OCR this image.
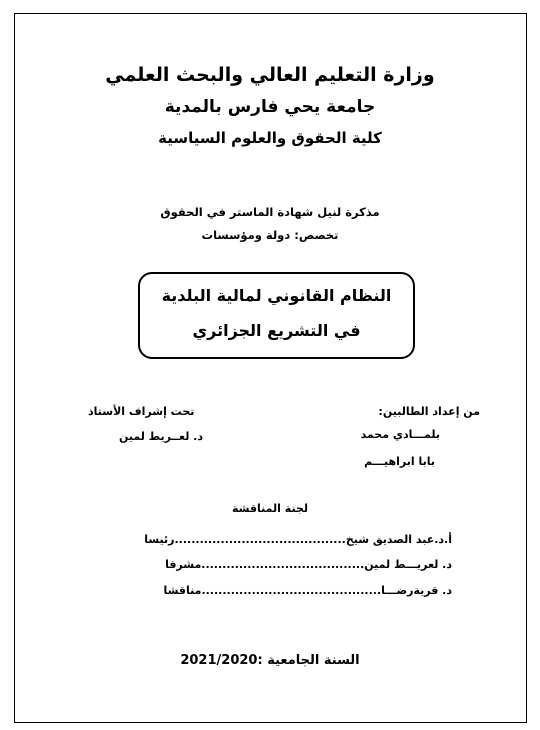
وزارة التعليم العالي والبحث العلمي
جامعة يحي فارس بالمدية
كلية الحقوق والعلوم السياسية
مذكرة لنيل شهادة الماستر في الحقوق
تخصص: دولة ومؤسسات
النظام القانوني لمالية البلدية
في التشريع الجزائري
من إعداد الطالبين:
بلمـــادي محمد
بابا ابراهيـــم
تحت إشراف الأستاذ
د. لعــريط لمين
لجنة المناقشة
أ.د.عبد الصديق شيخ.........................................رئيسا
د. لعريـــط لمين.......................................مشرفا
د. قريةرضـــا...........................................مناقشا
السنة الجامعية :2021/2020
